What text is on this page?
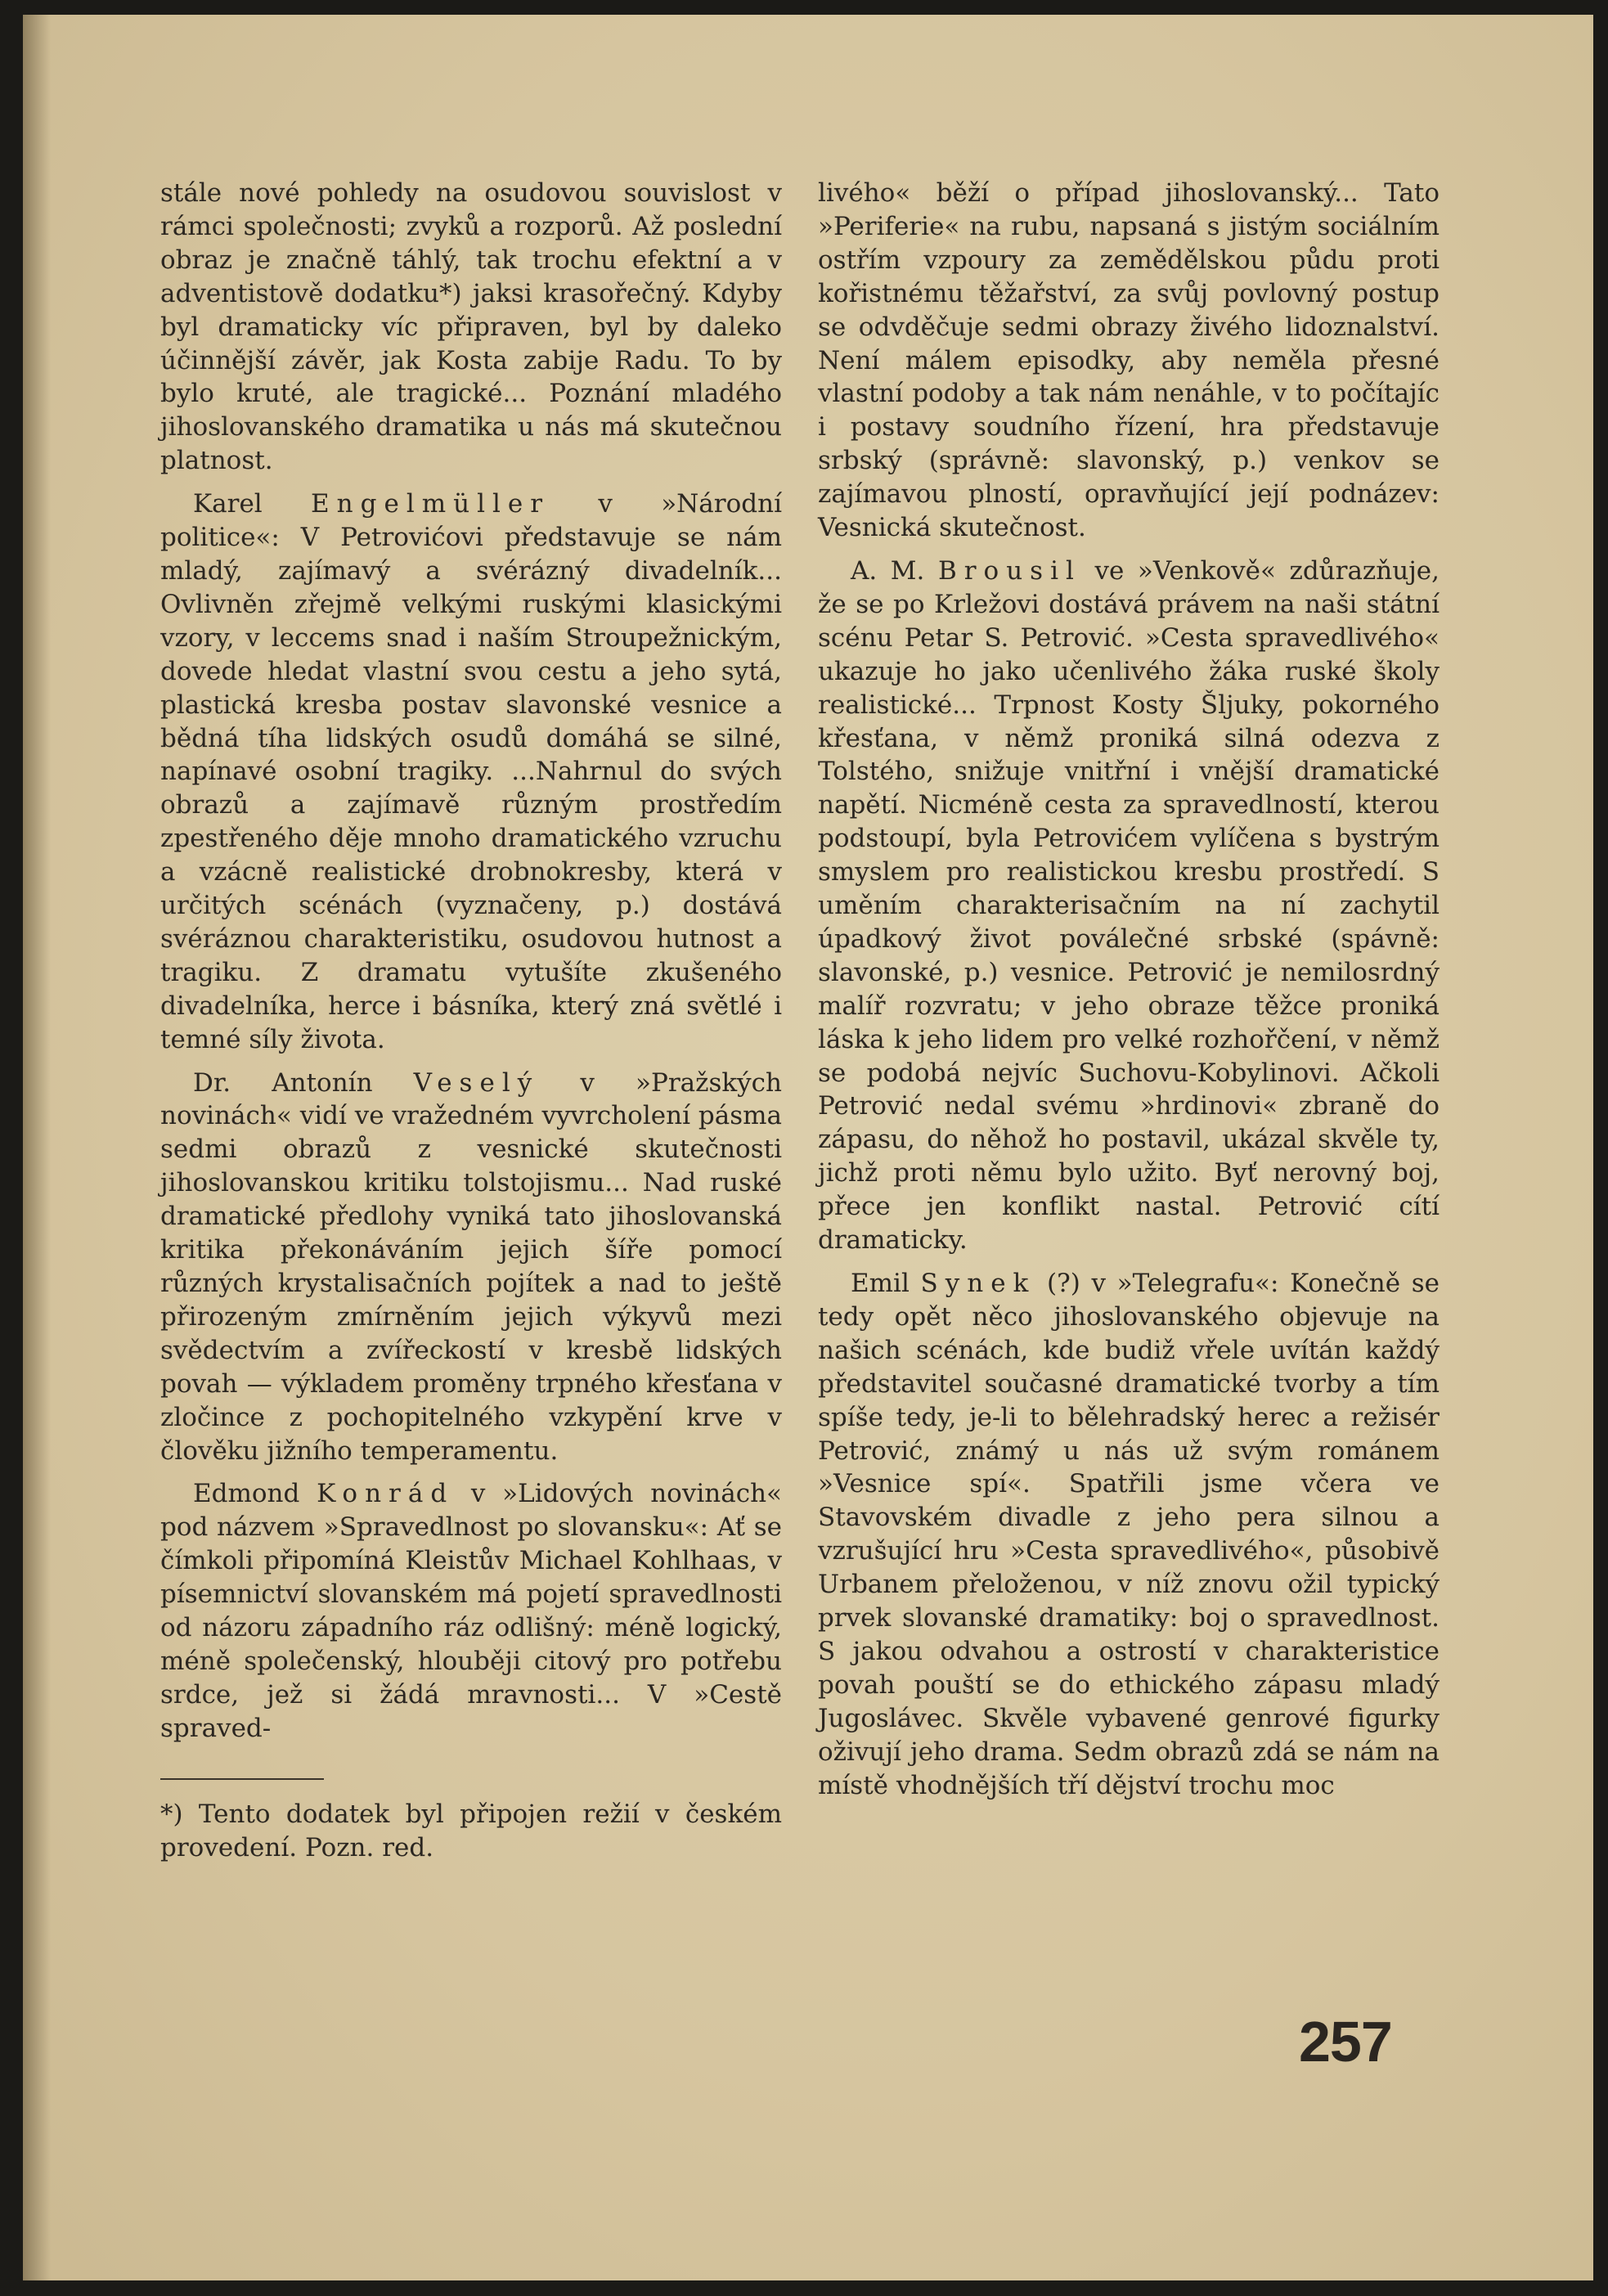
stále nové pohledy na osudovou souvislost v rámci společnosti; zvyků a rozporů. Až poslední obraz je značně táhlý, tak trochu efektní a v adventistově dodatku*) jaksi krasořečný. Kdyby byl dramaticky víc připraven, byl by daleko účinnější závěr, jak Kosta zabije Radu. To by bylo kruté, ale tragické... Poznání mladého jihoslovanského dramatika u nás má skutečnou platnost.

Karel Engelmüller v »Národní politice«: V Petrovićovi představuje se nám mladý, zajímavý a svérázný divadelník... Ovlivněn zřejmě velkými ruskými klasickými vzory, v leccems snad i naším Stroupežnickým, dovede hledat vlastní svou cestu a jeho sytá, plastická kresba postav slavonské vesnice a bědná tíha lidských osudů domáhá se silné, napínavé osobní tragiky. ...Nahrnul do svých obrazů a zajímavě různým prostředím zpestřeného děje mnoho dramatického vzruchu a vzácně realistické drobnokresby, která v určitých scénách (vyznačeny, p.) dostává svéráznou charakteristiku, osudovou hutnost a tragiku. Z dramatu vytušíte zkušeného divadelníka, herce i básníka, který zná světlé i temné síly života.

Dr. Antonín Veselý v »Pražských novinách« vidí ve vražedném vyvrcholení pásma sedmi obrazů z vesnické skutečnosti jihoslovanskou kritiku tolstojismu... Nad ruské dramatické předlohy vyniká tato jihoslovanská kritika překonáváním jejich šíře pomocí různých krystalisačních pojítek a nad to ještě přirozeným zmírněním jejich výkyvů mezi svědectvím a zvířeckostí v kresbě lidských povah — výkladem proměny trpného křesťana v zločince z pochopitelného vzkypění krve v člověku jižního temperamentu.

Edmond Konrád v »Lidových novinách« pod názvem »Spravedlnost po slovansku«: Ať se čímkoli připomíná Kleistův Michael Kohlhaas, v písemnictví slovanském má pojetí spravedlnosti od názoru západního ráz odlišný: méně logický, méně společenský, hlouběji citový pro potřebu srdce, jež si žádá mravnosti... V »Cestě spraved-

*) Tento dodatek byl připojen režií v českém provedení. Pozn. red.

livého« běží o případ jihoslovanský... Tato »Periferie« na rubu, napsaná s jistým sociálním ostřím vzpoury za zemědělskou půdu proti kořistnému těžařství, za svůj povlovný postup se odvděčuje sedmi obrazy živého lidoznalství. Není málem episodky, aby neměla přesné vlastní podoby a tak nám nenáhle, v to počítajíc i postavy soudního řízení, hra představuje srbský (správně: slavonský, p.) venkov se zajímavou plností, opravňující její podnázev: Vesnická skutečnost.

A. M. Brousil ve »Venkově« zdůrazňuje, že se po Krležovi dostává právem na naši státní scénu Petar S. Petrović. »Cesta spravedlivého« ukazuje ho jako učenlivého žáka ruské školy realistické... Trpnost Kosty Šljuky, pokorného křesťana, v němž proniká silná odezva z Tolstého, snižuje vnitřní i vnější dramatické napětí. Nicméně cesta za spravedlností, kterou podstoupí, byla Petrovićem vylíčena s bystrým smyslem pro realistickou kresbu prostředí. S uměním charakterisačním na ní zachytil úpadkový život poválečné srbské (spávně: slavonské, p.) vesnice. Petrović je nemilosrdný malíř rozvratu; v jeho obraze těžce proniká láska k jeho lidem pro velké rozhořčení, v němž se podobá nejvíc Suchovu-Kobylinovi. Ačkoli Petrović nedal svému »hrdinovi« zbraně do zápasu, do něhož ho postavil, ukázal skvěle ty, jichž proti němu bylo užito. Byť nerovný boj, přece jen konflikt nastal. Petrović cítí dramaticky.

Emil Synek (?) v »Telegrafu«: Konečně se tedy opět něco jihoslovanského objevuje na našich scénách, kde budiž vřele uvítán každý představitel současné dramatické tvorby a tím spíše tedy, je-li to bělehradský herec a režisér Petrović, známý u nás už svým románem »Vesnice spí«. Spatřili jsme včera ve Stavovském divadle z jeho pera silnou a vzrušující hru »Cesta spravedlivého«, působivě Urbanem přeloženou, v níž znovu ožil typický prvek slovanské dramatiky: boj o spravedlnost. S jakou odvahou a ostrostí v charakteristice povah pouští se do ethického zápasu mladý Jugoslávec. Skvěle vybavené genrové figurky oživují jeho drama. Sedm obrazů zdá se nám na místě vhodnějších tří dějství trochu moc

257
